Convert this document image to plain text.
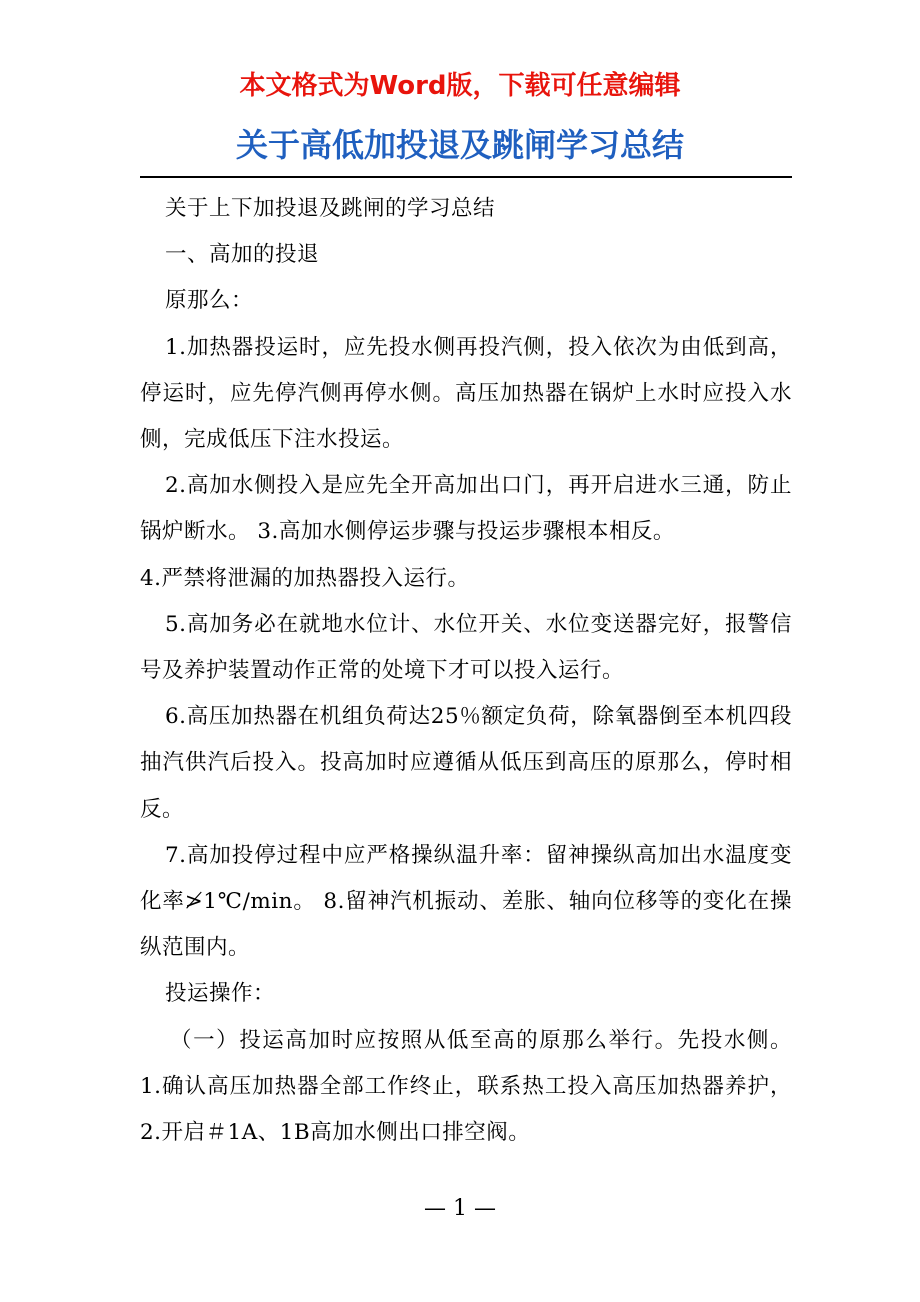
本文格式为Word版，下载可任意编辑
关于高低加投退及跳闸学习总结

关于上下加投退及跳闸的学习总结

一、高加的投退

原那么：

1.加热器投运时，应先投水侧再投汽侧，投入依次为由低到高，停运时，应先停汽侧再停水侧。高压加热器在锅炉上水时应投入水侧，完成低压下注水投运。

2.高加水侧投入是应先全开高加出口门，再开启进水三通，防止锅炉断水。 3.高加水侧停运步骤与投运步骤根本相反。

4.严禁将泄漏的加热器投入运行。

5.高加务必在就地水位计、水位开关、水位变送器完好，报警信号及养护装置动作正常的处境下才可以投入运行。

6.高压加热器在机组负荷达25％额定负荷，除氧器倒至本机四段抽汽供汽后投入。投高加时应遵循从低压到高压的原那么，停时相反。

7.高加投停过程中应严格操纵温升率：留神操纵高加出水温度变化率≯1℃/min。 8.留神汽机振动、差胀、轴向位移等的变化在操纵范围内。

投运操作：

（一）投运高加时应按照从低至高的原那么举行。先投水侧。 1.确认高压加热器全部工作终止，联系热工投入高压加热器养护， 2.开启＃1A、1B高加水侧出口排空阀。

— 1 —
